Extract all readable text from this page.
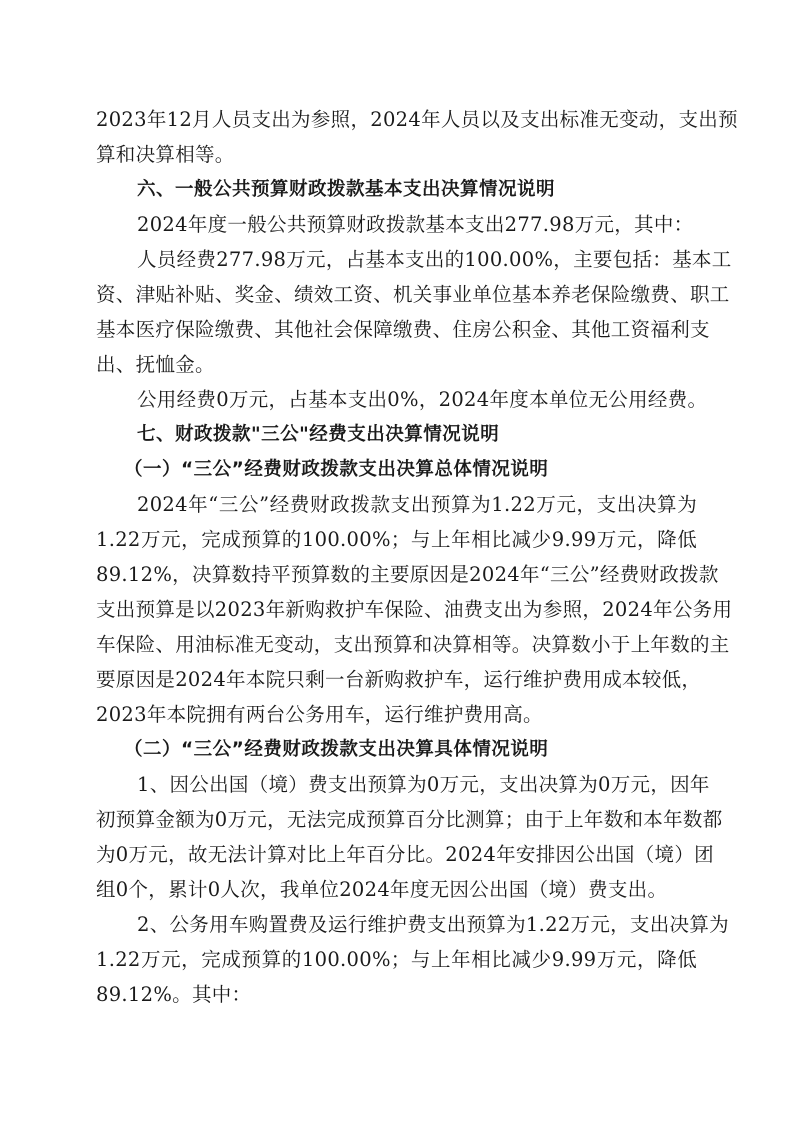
2023年12月人员支出为参照，2024年人员以及支出标准无变动，支出预
算和决算相等。
六、一般公共预算财政拨款基本支出决算情况说明
2024年度一般公共预算财政拨款基本支出277.98万元，其中：
人员经费277.98万元，占基本支出的100.00%，主要包括：基本工
资、津贴补贴、奖金、绩效工资、机关事业单位基本养老保险缴费、职工
基本医疗保险缴费、其他社会保障缴费、住房公积金、其他工资福利支
出、抚恤金。
公用经费0万元，占基本支出0%，2024年度本单位无公用经费。
七、财政拨款"三公"经费支出决算情况说明
（一）“三公”经费财政拨款支出决算总体情况说明
2024年“三公”经费财政拨款支出预算为1.22万元，支出决算为
1.22万元，完成预算的100.00%；与上年相比减少9.99万元，降低
89.12%，决算数持平预算数的主要原因是2024年“三公”经费财政拨款
支出预算是以2023年新购救护车保险、油费支出为参照，2024年公务用
车保险、用油标准无变动，支出预算和决算相等。决算数小于上年数的主
要原因是2024年本院只剩一台新购救护车，运行维护费用成本较低，
2023年本院拥有两台公务用车，运行维护费用高。
（二）“三公”经费财政拨款支出决算具体情况说明
1、因公出国（境）费支出预算为0万元，支出决算为0万元，因年
初预算金额为0万元，无法完成预算百分比测算；由于上年数和本年数都
为0万元，故无法计算对比上年百分比。2024年安排因公出国（境）团
组0个，累计0人次，我单位2024年度无因公出国（境）费支出。
2、公务用车购置费及运行维护费支出预算为1.22万元，支出决算为
1.22万元，完成预算的100.00%；与上年相比减少9.99万元，降低
89.12%。其中：
